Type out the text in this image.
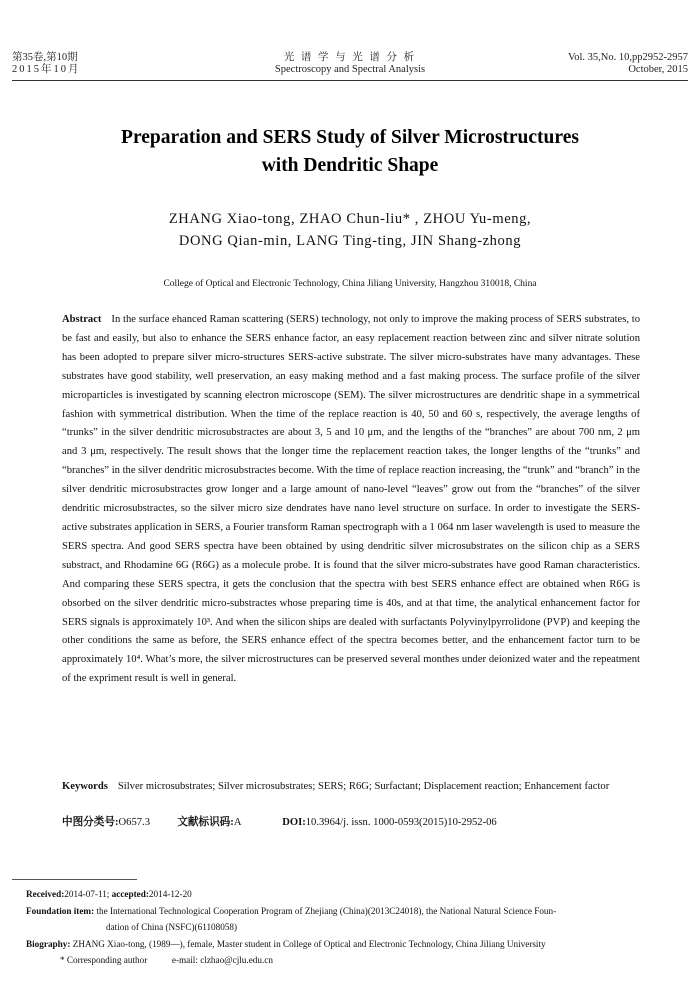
第35卷,第10期
2015年10月
光 谱 学 与 光 谱 分 析
Spectroscopy and Spectral Analysis
Vol. 35,No. 10,pp2952-2957
October, 2015
Preparation and SERS Study of Silver Microstructures
with Dendritic Shape
ZHANG Xiao-tong, ZHAO Chun-liu* , ZHOU Yu-meng,
DONG Qian-min, LANG Ting-ting, JIN Shang-zhong
College of Optical and Electronic Technology, China Jiliang University, Hangzhou 310018, China
Abstract In the surface ehanced Raman scattering (SERS) technology, not only to improve the making process of SERS substrates, to be fast and easily, but also to enhance the SERS enhance factor, an easy replacement reaction between zinc and silver nitrate solution has been adopted to prepare silver micro-structures SERS-active substrate. The silver micro-substrates have many advantages. These substrates have good stability, well preservation, an easy making method and a fast making process. The surface profile of the silver microparticles is investigated by scanning electron microscope (SEM). The silver microstructures are dendritic shape in a symmetrical fashion with symmetrical distribution. When the time of the replace reaction is 40, 50 and 60 s, respectively, the average lengths of “trunks” in the silver dendritic microsubstractes are about 3, 5 and 10 μm, and the lengths of the “branches” are about 700 nm, 2 μm and 3 μm, respectively. The result shows that the longer time the replacement reaction takes, the longer lengths of the “trunks” and “branches” in the silver dendritic microsubstractes become. With the time of replace reaction increasing, the “trunk” and “branch” in the silver dendritic microsubstractes grow longer and a large amount of nano-level “leaves” grow out from the “branches” of the silver dendritic microsubstractes, so the silver micro size dendrates have nano level structure on surface. In order to investigate the SERS-active substrates application in SERS, a Fourier transform Raman spectrograph with a 1 064 nm laser wavelength is used to measure the SERS spectra. And good SERS spectra have been obtained by using dendritic silver microsubstrates on the silicon chip as a SERS substract, and Rhodamine 6G (R6G) as a molecule probe. It is found that the silver micro-substrates have good Raman characteristics. And comparing these SERS spectra, it gets the conclusion that the spectra with best SERS enhance effect are obtained when R6G is obsorbed on the silver dendritic micro-substractes whose preparing time is 40s, and at that time, the analytical enhancement factor for SERS signals is approximately 10³. And when the silicon ships are dealed with surfactants Polyvinylpyrrolidone (PVP) and keeping the other conditions the same as before, the SERS enhance effect of the spectra becomes better, and the enhancement factor turn to be approximately 10⁴. What’s more, the silver microstructures can be preserved several monthes under deionized water and the repeatment of the expriment result is well in general.
Keywords Silver microsubstrates; Silver microsubstrates; SERS; R6G; Surfactant; Displacement reaction; Enhancement factor
中图分类号:O657.3	文献标识码:A	DOI:10.3964/j. issn. 1000-0593(2015)10-2952-06
Received:2014-07-11; accepted:2014-12-20
Foundation item: the International Technological Cooperation Program of Zhejiang (China)(2013C24018), the National Natural Science Foun-
dation of China (NSFC)(61108058)
Biography: ZHANG Xiao-tong, (1989—), female, Master student in College of Optical and Electronic Technology, China Jiliang University
* Corresponding author	e-mail: clzhao@cjlu.edu.cn
